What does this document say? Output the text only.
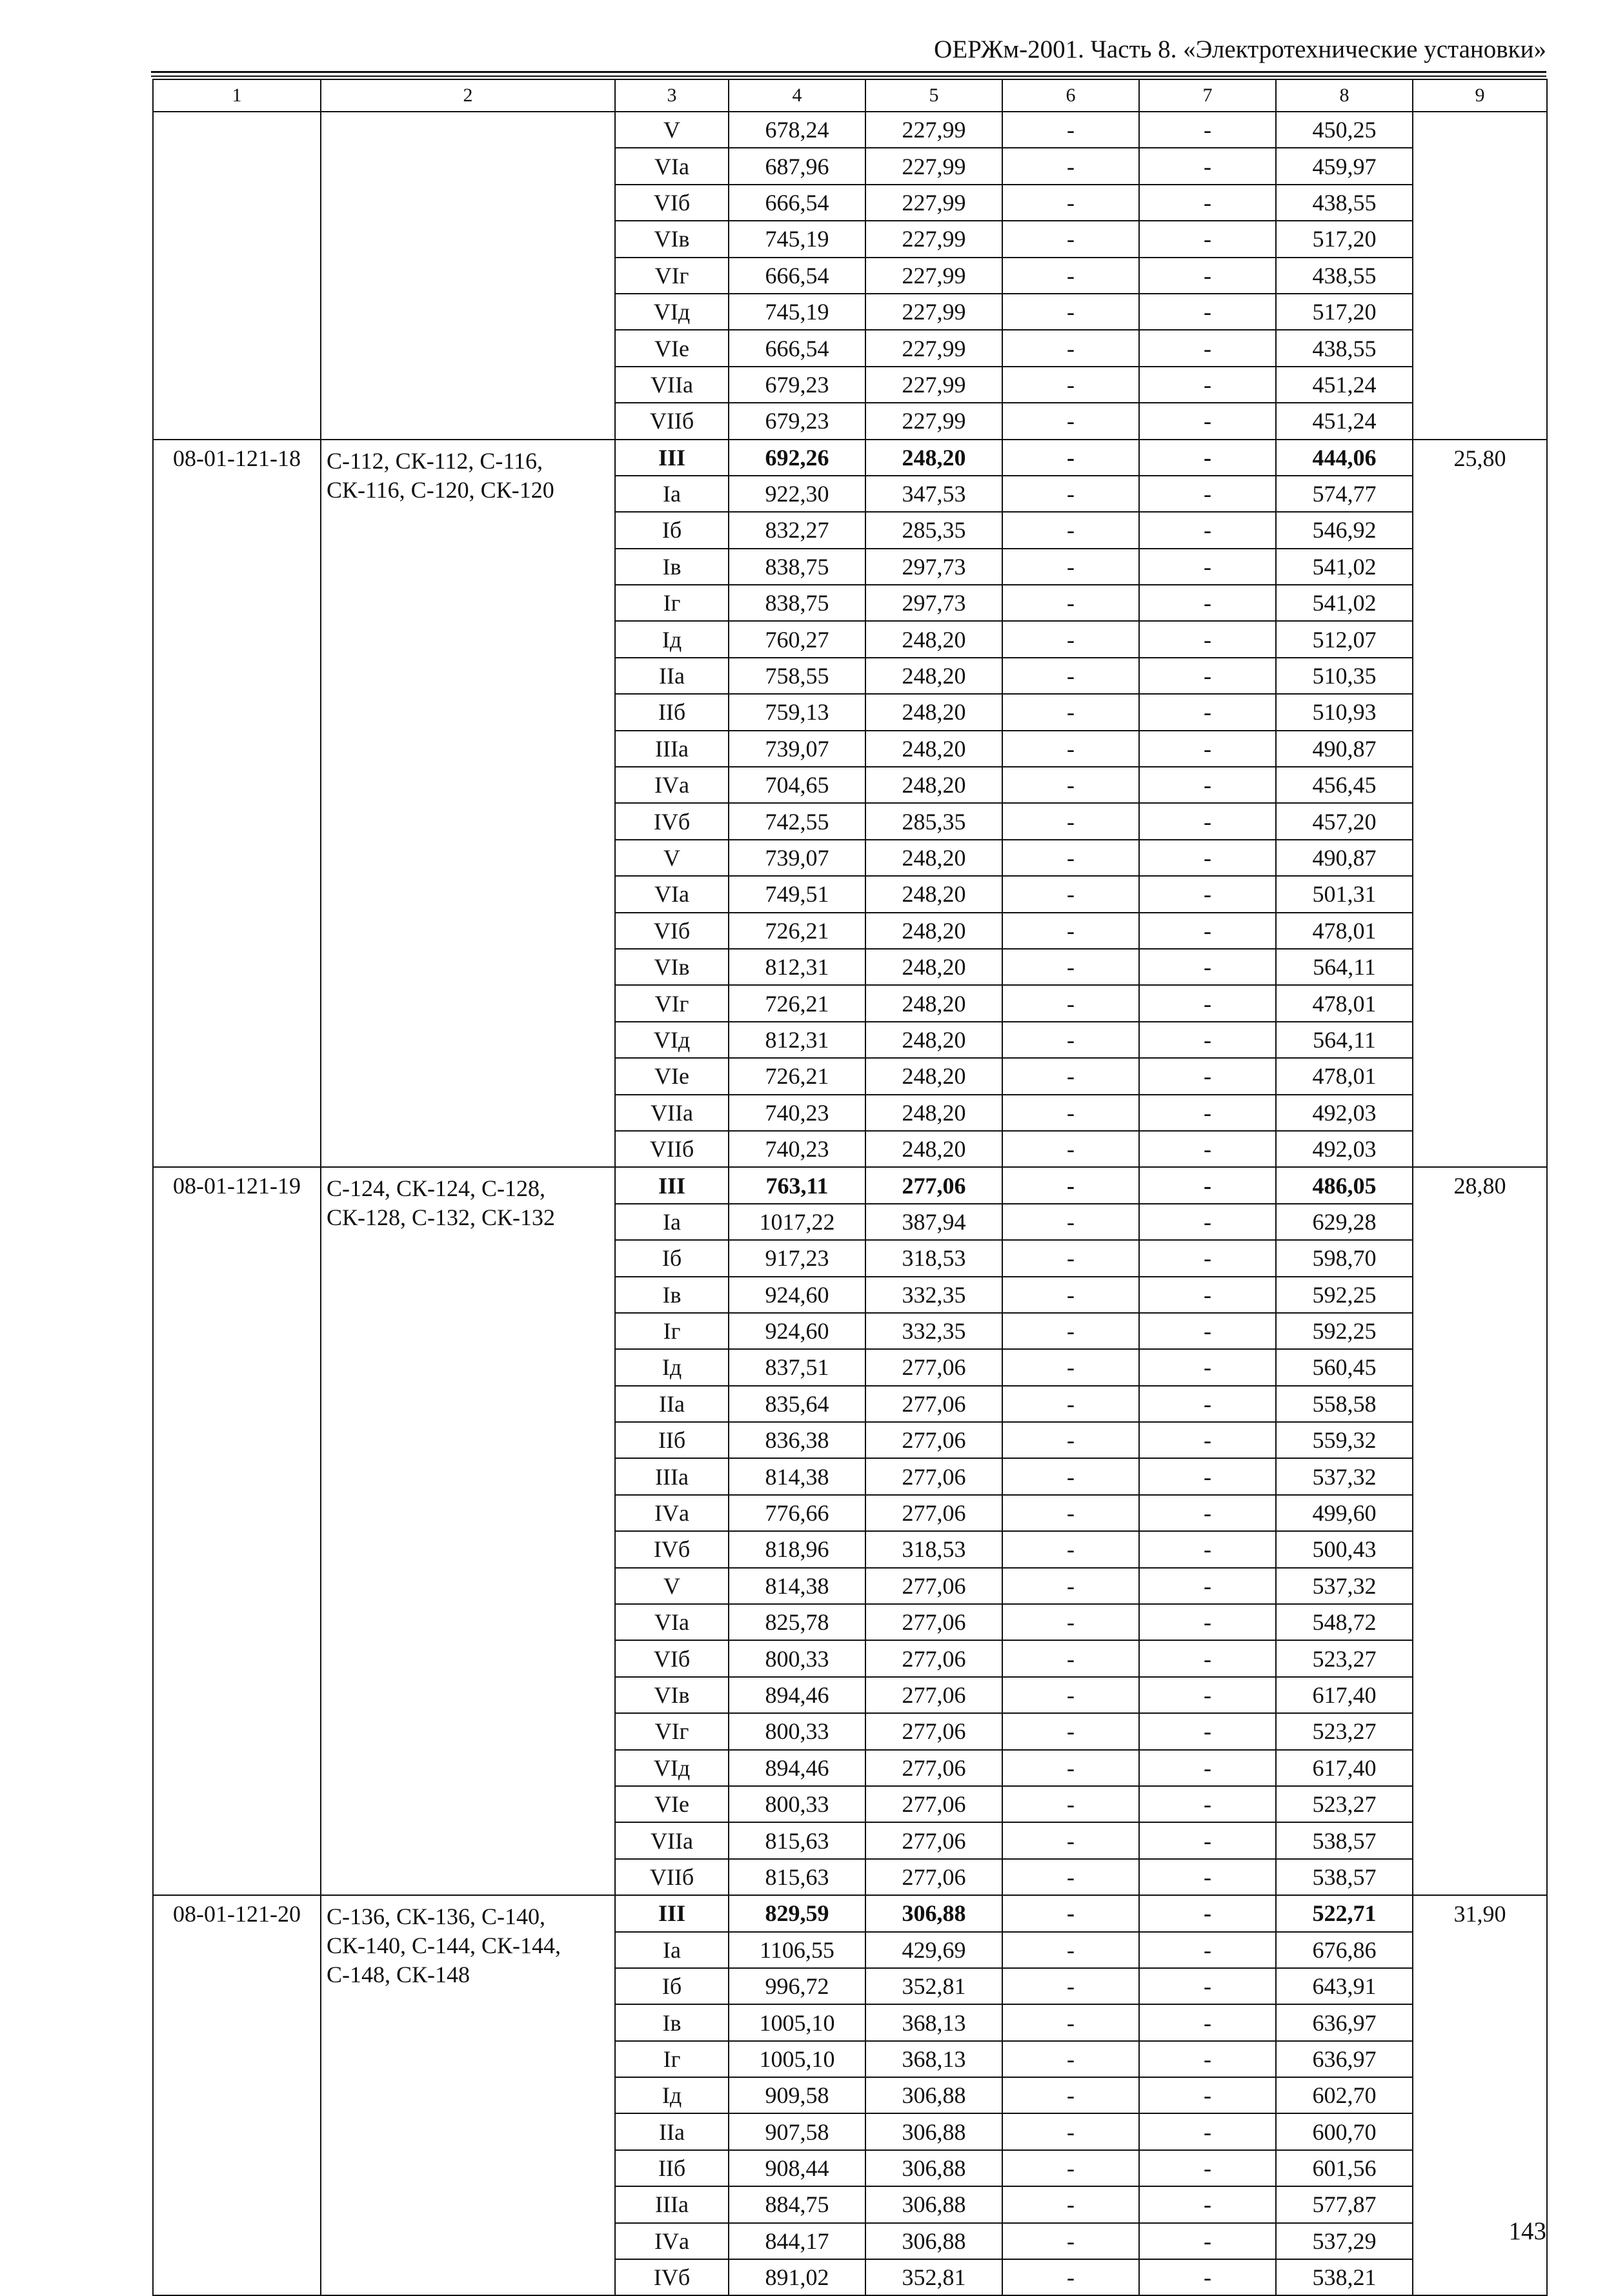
ОЕРЖм-2001. Часть 8. «Электротехнические установки»
1	2	3	4	5	6	7	8	9
		V	678,24	227,99	-	-	450,25	
		VIа	687,96	227,99	-	-	459,97	
		VIб	666,54	227,99	-	-	438,55	
		VIв	745,19	227,99	-	-	517,20	
		VIг	666,54	227,99	-	-	438,55	
		VIд	745,19	227,99	-	-	517,20	
		VIе	666,54	227,99	-	-	438,55	
		VIIа	679,23	227,99	-	-	451,24	
		VIIб	679,23	227,99	-	-	451,24	
08-01-121-18	С-112, СК-112, С-116, СК-116, С-120, СК-120	III	692,26	248,20	-	-	444,06	25,80
		Iа	922,30	347,53	-	-	574,77	
		Iб	832,27	285,35	-	-	546,92	
		Iв	838,75	297,73	-	-	541,02	
		Iг	838,75	297,73	-	-	541,02	
		Iд	760,27	248,20	-	-	512,07	
		IIа	758,55	248,20	-	-	510,35	
		IIб	759,13	248,20	-	-	510,93	
		IIIа	739,07	248,20	-	-	490,87	
		IVа	704,65	248,20	-	-	456,45	
		IVб	742,55	285,35	-	-	457,20	
		V	739,07	248,20	-	-	490,87	
		VIа	749,51	248,20	-	-	501,31	
		VIб	726,21	248,20	-	-	478,01	
		VIв	812,31	248,20	-	-	564,11	
		VIг	726,21	248,20	-	-	478,01	
		VIд	812,31	248,20	-	-	564,11	
		VIе	726,21	248,20	-	-	478,01	
		VIIа	740,23	248,20	-	-	492,03	
		VIIб	740,23	248,20	-	-	492,03	
08-01-121-19	С-124, СК-124, С-128, СК-128, С-132, СК-132	III	763,11	277,06	-	-	486,05	28,80
		Iа	1017,22	387,94	-	-	629,28	
		Iб	917,23	318,53	-	-	598,70	
		Iв	924,60	332,35	-	-	592,25	
		Iг	924,60	332,35	-	-	592,25	
		Iд	837,51	277,06	-	-	560,45	
		IIа	835,64	277,06	-	-	558,58	
		IIб	836,38	277,06	-	-	559,32	
		IIIа	814,38	277,06	-	-	537,32	
		IVа	776,66	277,06	-	-	499,60	
		IVб	818,96	318,53	-	-	500,43	
		V	814,38	277,06	-	-	537,32	
		VIа	825,78	277,06	-	-	548,72	
		VIб	800,33	277,06	-	-	523,27	
		VIв	894,46	277,06	-	-	617,40	
		VIг	800,33	277,06	-	-	523,27	
		VIд	894,46	277,06	-	-	617,40	
		VIе	800,33	277,06	-	-	523,27	
		VIIа	815,63	277,06	-	-	538,57	
		VIIб	815,63	277,06	-	-	538,57	
08-01-121-20	С-136, СК-136, С-140, СК-140, С-144, СК-144, С-148, СК-148	III	829,59	306,88	-	-	522,71	31,90
		Iа	1106,55	429,69	-	-	676,86	
		Iб	996,72	352,81	-	-	643,91	
		Iв	1005,10	368,13	-	-	636,97	
		Iг	1005,10	368,13	-	-	636,97	
		Iд	909,58	306,88	-	-	602,70	
		IIа	907,58	306,88	-	-	600,70	
		IIб	908,44	306,88	-	-	601,56	
		IIIа	884,75	306,88	-	-	577,87	
		IVа	844,17	306,88	-	-	537,29	
		IVб	891,02	352,81	-	-	538,21	
143
